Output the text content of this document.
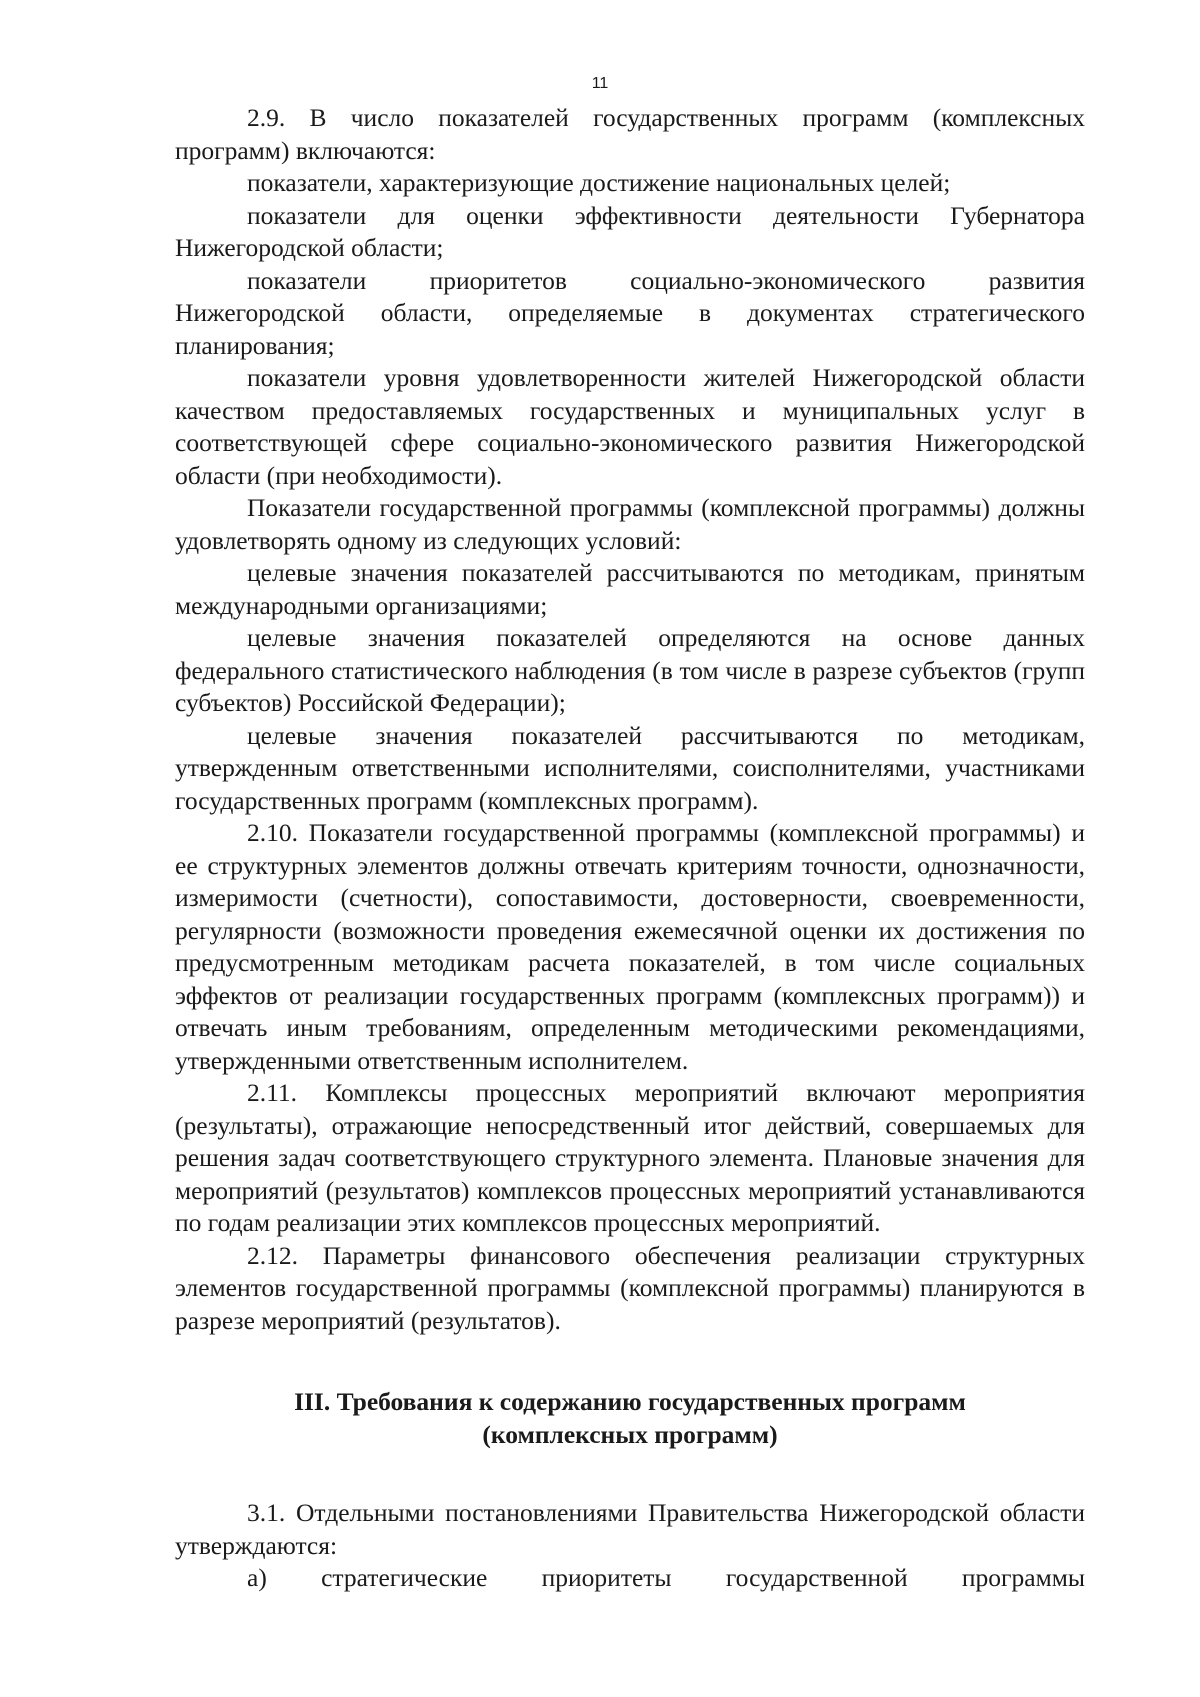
11

2.9. В число показателей государственных программ (комплексных программ) включаются:

показатели, характеризующие достижение национальных целей;

показатели для оценки эффективности деятельности Губернатора Нижегородской области;

показатели приоритетов социально-экономического развития Нижегородской области, определяемые в документах стратегического планирования;

показатели уровня удовлетворенности жителей Нижегородской области качеством предоставляемых государственных и муниципальных услуг в соответствующей сфере социально-экономического развития Нижегородской области (при необходимости).

Показатели государственной программы (комплексной программы) должны удовлетворять одному из следующих условий:

целевые значения показателей рассчитываются по методикам, принятым международными организациями;

целевые значения показателей определяются на основе данных федерального статистического наблюдения (в том числе в разрезе субъектов (групп субъектов) Российской Федерации);

целевые значения показателей рассчитываются по методикам, утвержденным ответственными исполнителями, соисполнителями, участниками государственных программ (комплексных программ).

2.10. Показатели государственной программы (комплексной программы) и ее структурных элементов должны отвечать критериям точности, однозначности, измеримости (счетности), сопоставимости, достоверности, своевременности, регулярности (возможности проведения ежемесячной оценки их достижения по предусмотренным методикам расчета показателей, в том числе социальных эффектов от реализации государственных программ (комплексных программ)) и отвечать иным требованиям, определенным методическими рекомендациями, утвержденными ответственным исполнителем.

2.11. Комплексы процессных мероприятий включают мероприятия (результаты), отражающие непосредственный итог действий, совершаемых для решения задач соответствующего структурного элемента. Плановые значения для мероприятий (результатов) комплексов процессных мероприятий устанавливаются по годам реализации этих комплексов процессных мероприятий.

2.12. Параметры финансового обеспечения реализации структурных элементов государственной программы (комплексной программы) планируются в разрезе мероприятий (результатов).

III. Требования к содержанию государственных программ
(комплексных программ)

3.1. Отдельными постановлениями Правительства Нижегородской области утверждаются:

а) стратегические приоритеты государственной программы
